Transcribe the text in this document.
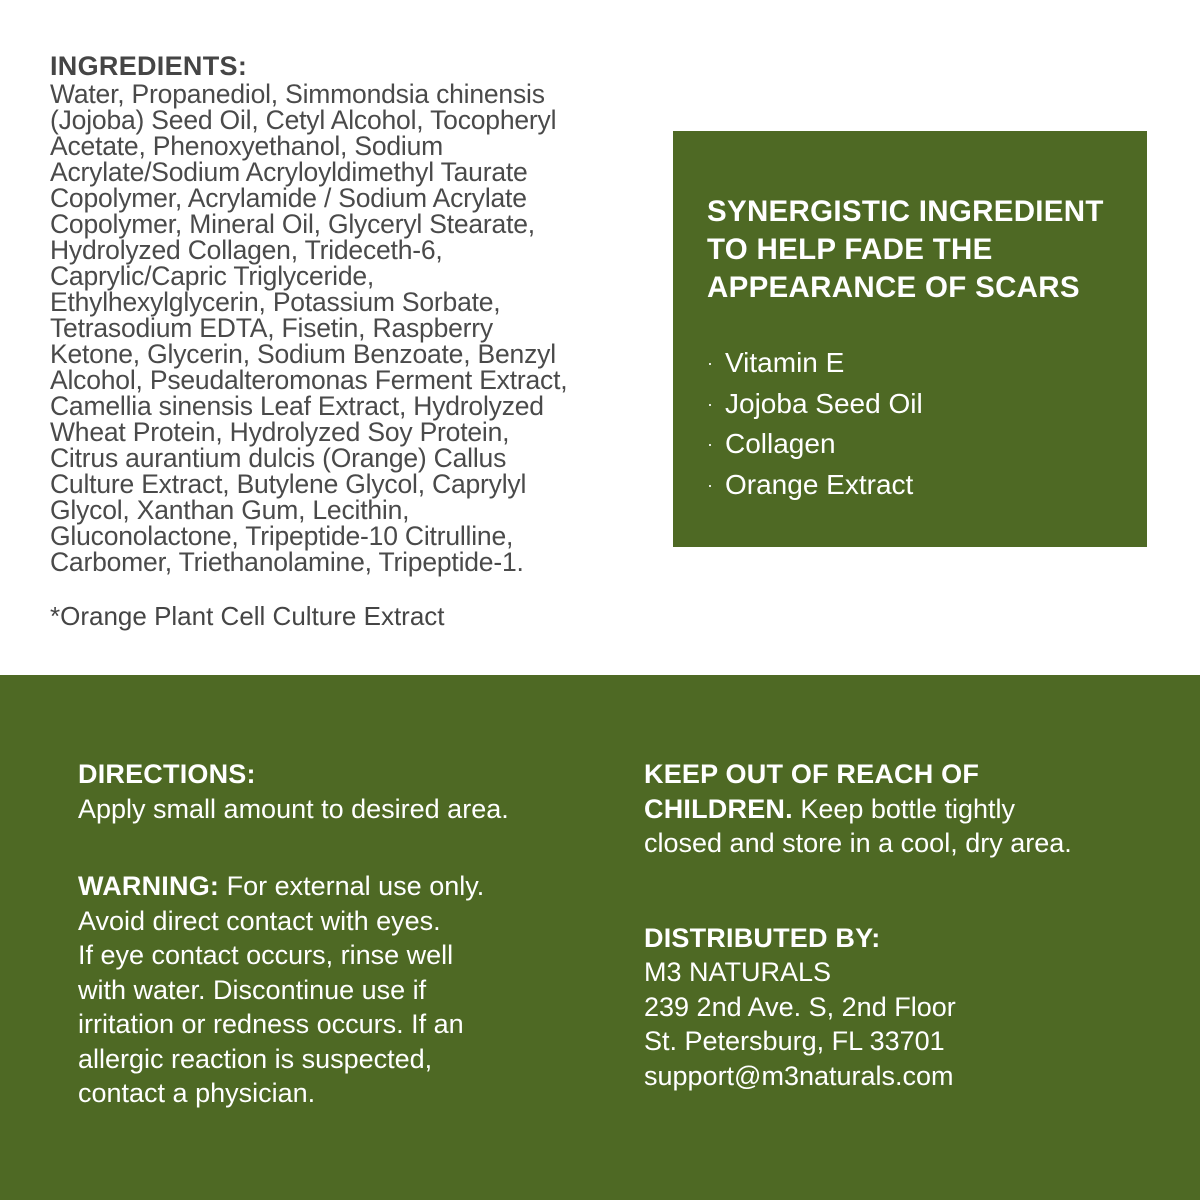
INGREDIENTS:
Water, Propanediol, Simmondsia chinensis
(Jojoba) Seed Oil, Cetyl Alcohol, Tocopheryl
Acetate, Phenoxyethanol, Sodium
Acrylate/Sodium Acryloyldimethyl Taurate
Copolymer, Acrylamide / Sodium Acrylate
Copolymer, Mineral Oil, Glyceryl Stearate,
Hydrolyzed Collagen, Trideceth-6,
Caprylic/Capric Triglyceride,
Ethylhexylglycerin, Potassium Sorbate,
Tetrasodium EDTA, Fisetin, Raspberry
Ketone, Glycerin, Sodium Benzoate, Benzyl
Alcohol, Pseudalteromonas Ferment Extract,
Camellia sinensis Leaf Extract, Hydrolyzed
Wheat Protein, Hydrolyzed Soy Protein,
Citrus aurantium dulcis (Orange) Callus
Culture Extract, Butylene Glycol, Caprylyl
Glycol, Xanthan Gum, Lecithin,
Gluconolactone, Tripeptide-10 Citrulline,
Carbomer, Triethanolamine, Tripeptide-1.
*Orange Plant Cell Culture Extract
SYNERGISTIC INGREDIENT
TO HELP FADE THE
APPEARANCE OF SCARS
· Vitamin E
· Jojoba Seed Oil
· Collagen
· Orange Extract
DIRECTIONS:
Apply small amount to desired area.
WARNING: For external use only.
Avoid direct contact with eyes.
If eye contact occurs, rinse well
with water. Discontinue use if
irritation or redness occurs. If an
allergic reaction is suspected,
contact a physician.
KEEP OUT OF REACH OF
CHILDREN. Keep bottle tightly
closed and store in a cool, dry area.
DISTRIBUTED BY:
M3 NATURALS
239 2nd Ave. S, 2nd Floor
St. Petersburg, FL 33701
support@m3naturals.com
